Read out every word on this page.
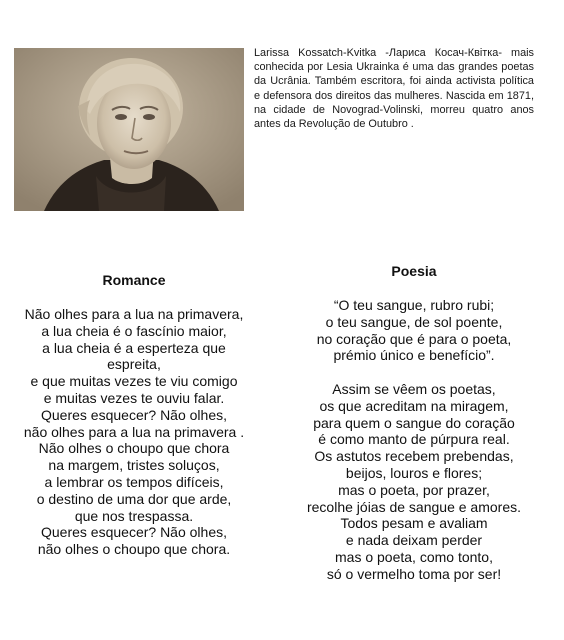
Larissa Kossatch-Kvitka -Лариса Косач-Квiтка- mais conhecida por Lesia Ukrainka é uma das grandes poetas da Ucrânia. Também escritora, foi ainda activista política e defensora dos direitos das mulheres. Nascida em 1871, na cidade de Novograd-Volinski, morreu quatro anos antes da Revolução de Outubro .
Romance
Não olhes para a lua na primavera,
a lua cheia é o fascínio maior,
a lua cheia é a esperteza que
espreita,
e que muitas vezes te viu comigo
e muitas vezes te ouviu falar.
Queres esquecer? Não olhes,
não olhes para a lua na primavera .
Não olhes o choupo que chora
na margem, tristes soluços,
a lembrar os tempos difíceis,
o destino de uma dor que arde,
que nos trespassa.
Queres esquecer? Não olhes,
não olhes o choupo que chora.
Poesia
“O teu sangue, rubro rubi;
o teu sangue, de sol poente,
no coração que é para o poeta,
prémio único e benefício”.
Assim se vêem os poetas,
os que acreditam na miragem,
para quem o sangue do coração
é como manto de púrpura real.
Os astutos recebem prebendas,
beijos, louros e flores;
mas o poeta, por prazer,
recolhe jóias de sangue e amores.
Todos pesam e avaliam
e nada deixam perder
mas o poeta, como tonto,
só o vermelho toma por ser!
